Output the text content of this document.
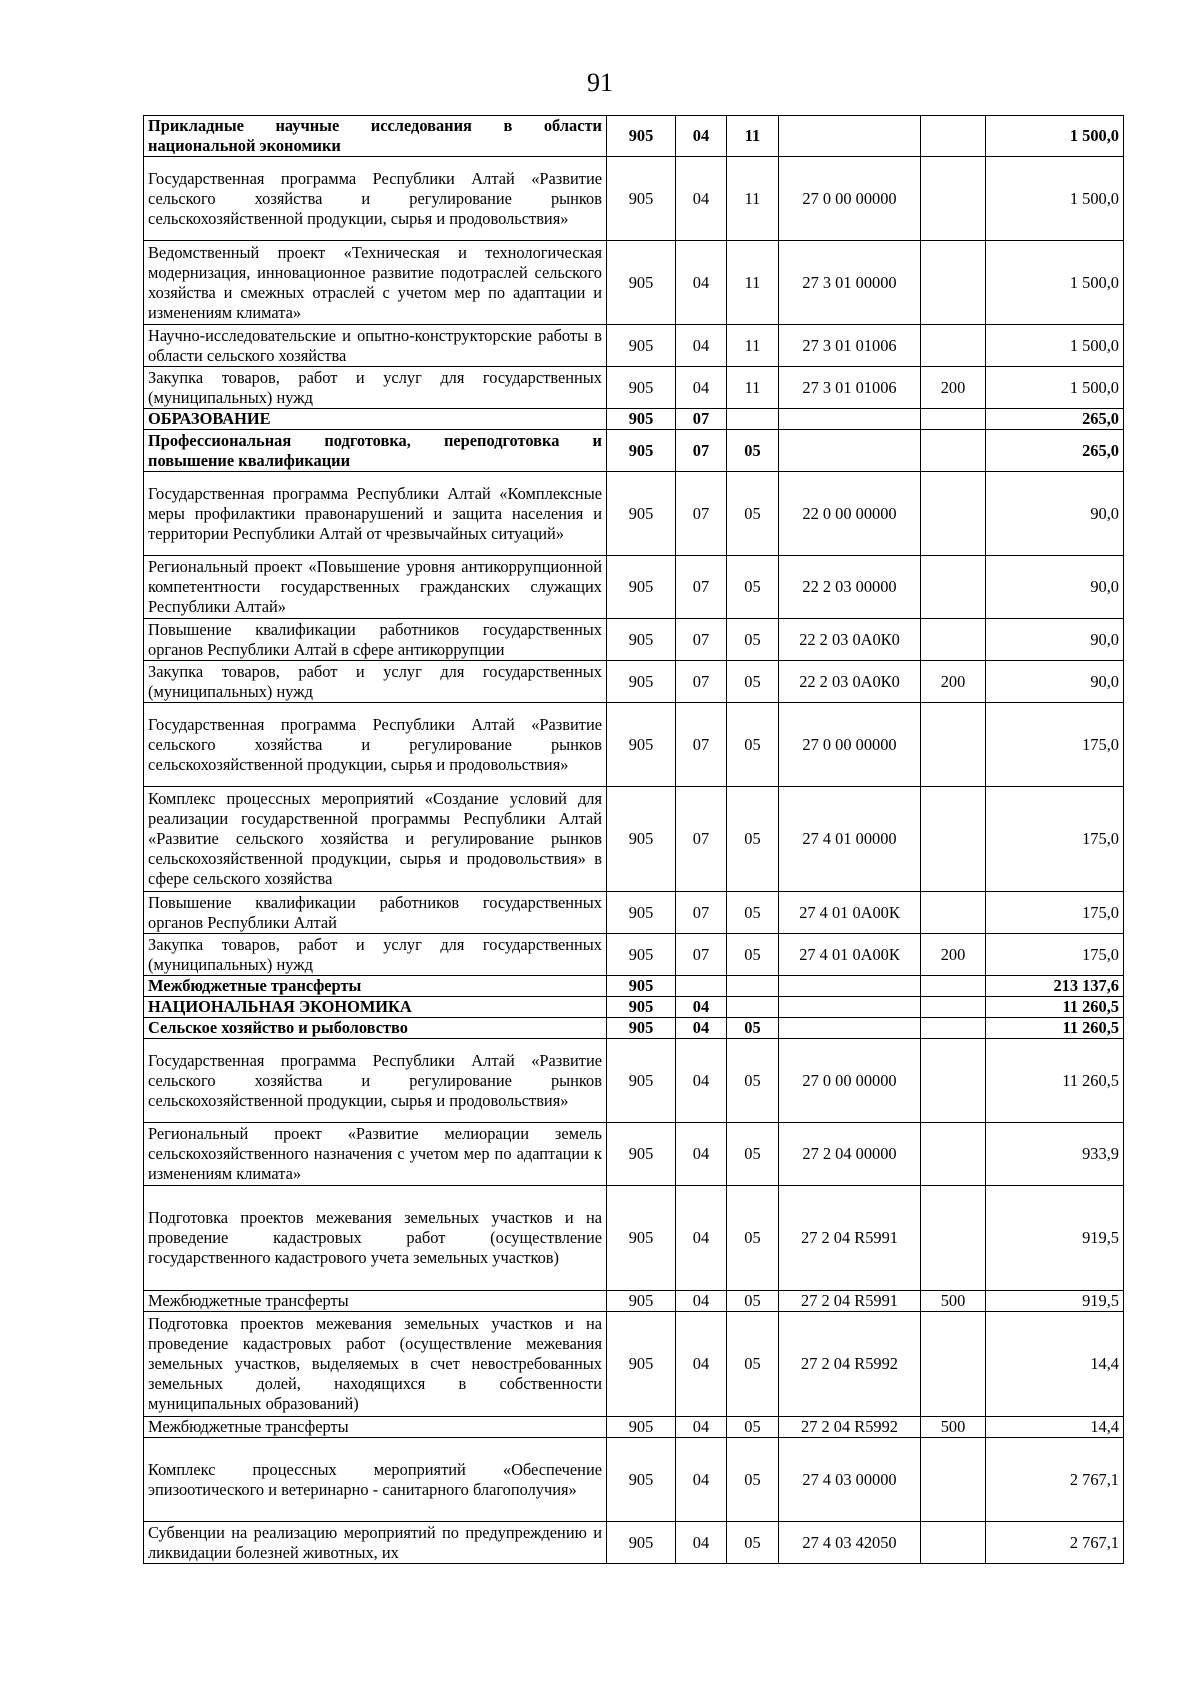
91
Прикладные научные исследования в области национальной экономики	905	04	11			1 500,0
Государственная программа Республики Алтай «Развитие сельского хозяйства и регулирование рынков сельскохозяйственной продукции, сырья и продовольствия»	905	04	11	27 0 00 00000		1 500,0
Ведомственный проект «Техническая и технологическая модернизация, инновационное развитие подотраслей сельского хозяйства и смежных отраслей с учетом мер по адаптации и изменениям климата»	905	04	11	27 3 01 00000		1 500,0
Научно-исследовательские и опытно-конструкторские работы в области сельского хозяйства	905	04	11	27 3 01 01006		1 500,0
Закупка товаров, работ и услуг для государственных (муниципальных) нужд	905	04	11	27 3 01 01006	200	1 500,0
ОБРАЗОВАНИЕ	905	07				265,0
Профессиональная подготовка, переподготовка и повышение квалификации	905	07	05			265,0
Государственная программа Республики Алтай «Комплексные меры профилактики правонарушений и защита населения и территории Республики Алтай от чрезвычайных ситуаций»	905	07	05	22 0 00 00000		90,0
Региональный проект «Повышение уровня антикоррупционной компетентности государственных гражданских служащих Республики Алтай»	905	07	05	22 2 03 00000		90,0
Повышение квалификации работников государственных органов Республики Алтай в сфере антикоррупции	905	07	05	22 2 03 0А0К0		90,0
Закупка товаров, работ и услуг для государственных (муниципальных) нужд	905	07	05	22 2 03 0А0К0	200	90,0
Государственная программа Республики Алтай «Развитие сельского хозяйства и регулирование рынков сельскохозяйственной продукции, сырья и продовольствия»	905	07	05	27 0 00 00000		175,0
Комплекс процессных мероприятий «Создание условий для реализации государственной программы Республики Алтай «Развитие сельского хозяйства и регулирование рынков сельскохозяйственной продукции, сырья и продовольствия» в сфере сельского хозяйства	905	07	05	27 4 01 00000		175,0
Повышение квалификации работников государственных органов Республики Алтай	905	07	05	27 4 01 0А00К		175,0
Закупка товаров, работ и услуг для государственных (муниципальных) нужд	905	07	05	27 4 01 0А00К	200	175,0
Межбюджетные трансферты	905					213 137,6
НАЦИОНАЛЬНАЯ ЭКОНОМИКА	905	04				11 260,5
Сельское хозяйство и рыболовство	905	04	05			11 260,5
Государственная программа Республики Алтай «Развитие сельского хозяйства и регулирование рынков сельскохозяйственной продукции, сырья и продовольствия»	905	04	05	27 0 00 00000		11 260,5
Региональный проект «Развитие мелиорации земель сельскохозяйственного назначения с учетом мер по адаптации к изменениям климата»	905	04	05	27 2 04 00000		933,9
Подготовка проектов межевания земельных участков и на проведение кадастровых работ (осуществление государственного кадастрового учета земельных участков)	905	04	05	27 2 04 R5991		919,5
Межбюджетные трансферты	905	04	05	27 2 04 R5991	500	919,5
Подготовка проектов межевания земельных участков и на проведение кадастровых работ (осуществление межевания земельных участков, выделяемых в счет невостребованных земельных долей, находящихся в собственности муниципальных образований)	905	04	05	27 2 04 R5992		14,4
Межбюджетные трансферты	905	04	05	27 2 04 R5992	500	14,4
Комплекс процессных мероприятий «Обеспечение эпизоотического и ветеринарно - санитарного благополучия»	905	04	05	27 4 03 00000		2 767,1
Субвенции на реализацию мероприятий по предупреждению и ликвидации болезней животных, их	905	04	05	27 4 03 42050		2 767,1
